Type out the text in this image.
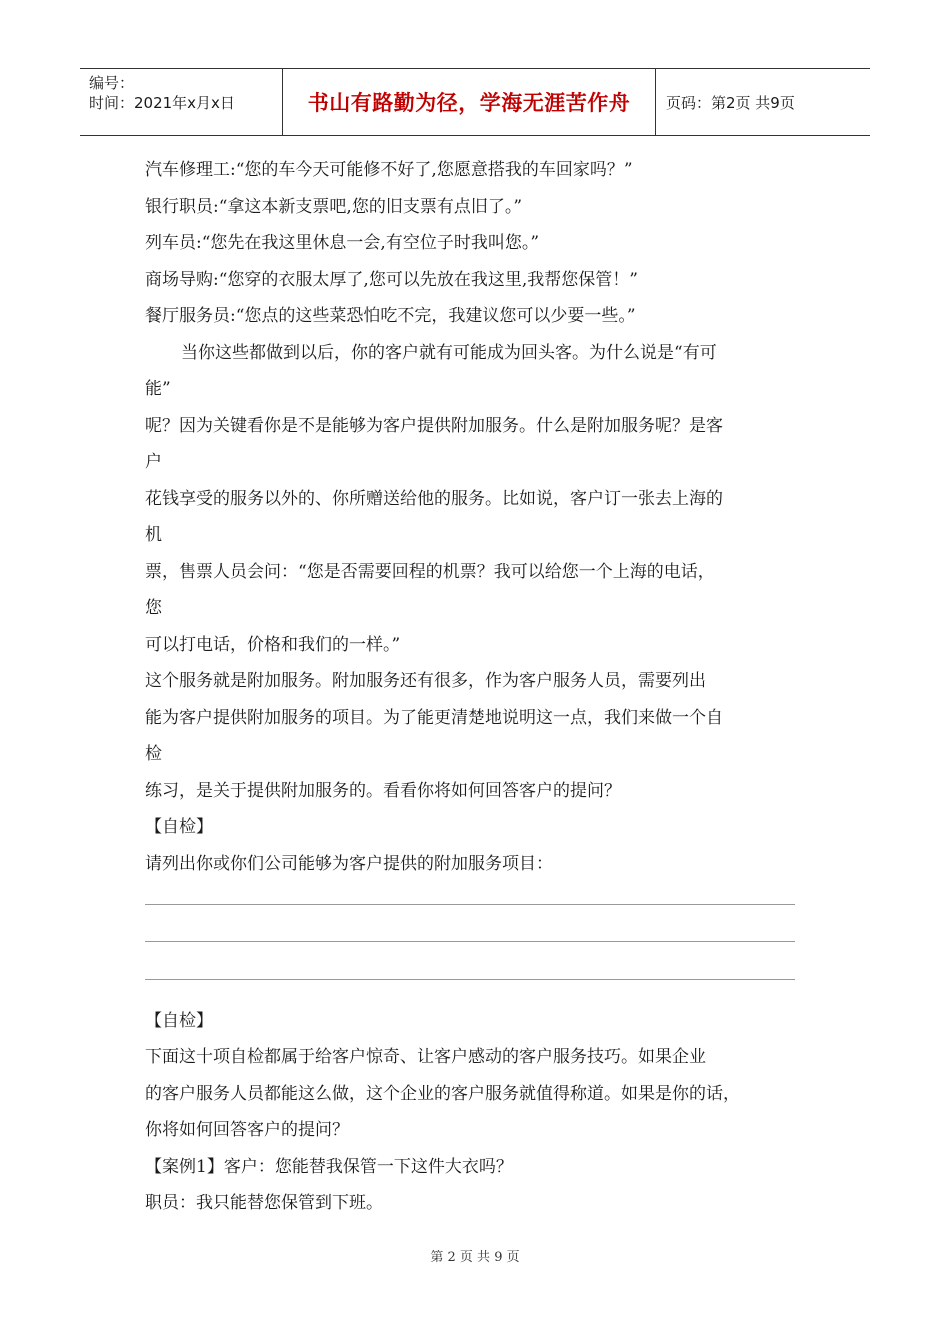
编号：
时间：2021年x月x日	书山有路勤为径，学海无涯苦作舟	页码：第2页 共9页
汽车修理工:“您的车今天可能修不好了,您愿意搭我的车回家吗？”
银行职员:“拿这本新支票吧,您的旧支票有点旧了。”
列车员:“您先在我这里休息一会,有空位子时我叫您。”
商场导购:“您穿的衣服太厚了,您可以先放在我这里,我帮您保管！”
餐厅服务员:“您点的这些菜恐怕吃不完，我建议您可以少要一些。”
当你这些都做到以后，你的客户就有可能成为回头客。为什么说是“有可
能”
呢？因为关键看你是不是能够为客户提供附加服务。什么是附加服务呢？是客
户
花钱享受的服务以外的、你所赠送给他的服务。比如说，客户订一张去上海的
机
票，售票人员会问：“您是否需要回程的机票？我可以给您一个上海的电话，
您
可以打电话，价格和我们的一样。”
这个服务就是附加服务。附加服务还有很多，作为客户服务人员，需要列出
能为客户提供附加服务的项目。为了能更清楚地说明这一点，我们来做一个自
检
练习，是关于提供附加服务的。看看你将如何回答客户的提问？
【自检】
请列出你或你们公司能够为客户提供的附加服务项目：
【自检】
下面这十项自检都属于给客户惊奇、让客户感动的客户服务技巧。如果企业
的客户服务人员都能这么做，这个企业的客户服务就值得称道。如果是你的话，
你将如何回答客户的提问？
【案例1】客户：您能替我保管一下这件大衣吗？
职员：我只能替您保管到下班。
第 2 页 共 9 页
